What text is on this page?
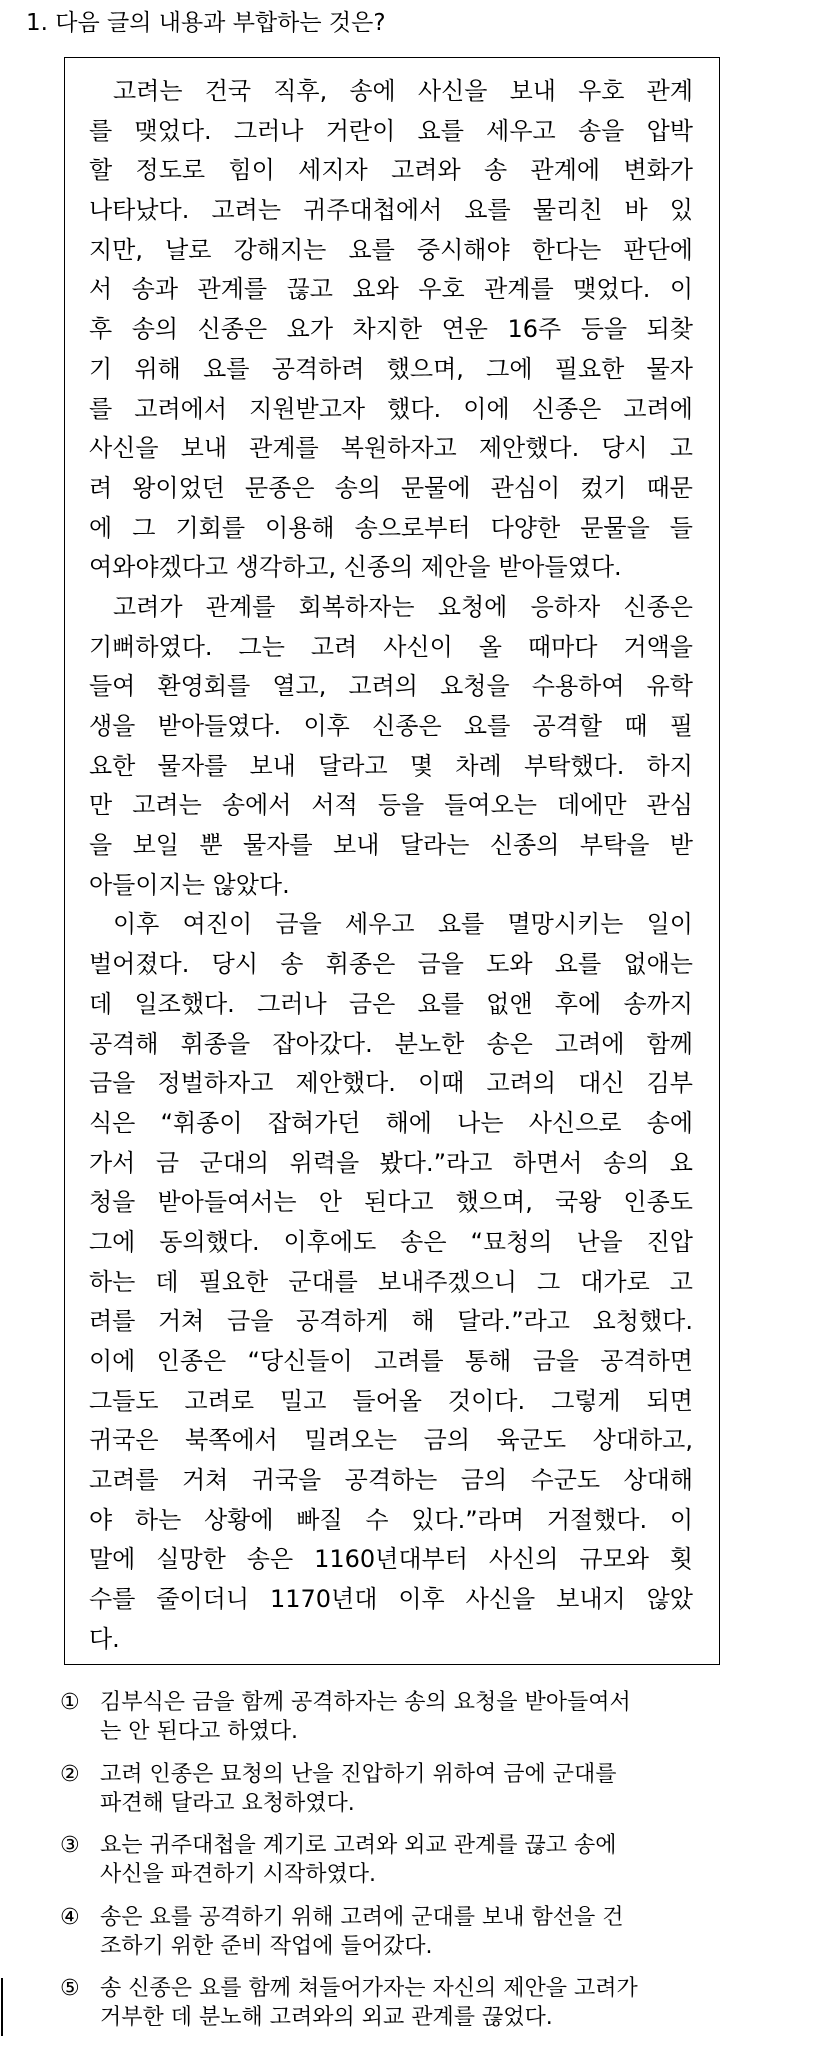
1. 다음 글의 내용과 부합하는 것은?
고려는 건국 직후, 송에 사신을 보내 우호 관계
를 맺었다. 그러나 거란이 요를 세우고 송을 압박
할 정도로 힘이 세지자 고려와 송 관계에 변화가
나타났다. 고려는 귀주대첩에서 요를 물리친 바 있
지만, 날로 강해지는 요를 중시해야 한다는 판단에
서 송과 관계를 끊고 요와 우호 관계를 맺었다. 이
후 송의 신종은 요가 차지한 연운 16주 등을 되찾
기 위해 요를 공격하려 했으며, 그에 필요한 물자
를 고려에서 지원받고자 했다. 이에 신종은 고려에
사신을 보내 관계를 복원하자고 제안했다. 당시 고
려 왕이었던 문종은 송의 문물에 관심이 컸기 때문
에 그 기회를 이용해 송으로부터 다양한 문물을 들
여와야겠다고 생각하고, 신종의 제안을 받아들였다.
고려가 관계를 회복하자는 요청에 응하자 신종은
기뻐하였다. 그는 고려 사신이 올 때마다 거액을
들여 환영회를 열고, 고려의 요청을 수용하여 유학
생을 받아들였다. 이후 신종은 요를 공격할 때 필
요한 물자를 보내 달라고 몇 차례 부탁했다. 하지
만 고려는 송에서 서적 등을 들여오는 데에만 관심
을 보일 뿐 물자를 보내 달라는 신종의 부탁을 받
아들이지는 않았다.
이후 여진이 금을 세우고 요를 멸망시키는 일이
벌어졌다. 당시 송 휘종은 금을 도와 요를 없애는
데 일조했다. 그러나 금은 요를 없앤 후에 송까지
공격해 휘종을 잡아갔다. 분노한 송은 고려에 함께
금을 정벌하자고 제안했다. 이때 고려의 대신 김부
식은 “휘종이 잡혀가던 해에 나는 사신으로 송에
가서 금 군대의 위력을 봤다.”라고 하면서 송의 요
청을 받아들여서는 안 된다고 했으며, 국왕 인종도
그에 동의했다. 이후에도 송은 “묘청의 난을 진압
하는 데 필요한 군대를 보내주겠으니 그 대가로 고
려를 거쳐 금을 공격하게 해 달라.”라고 요청했다.
이에 인종은 “당신들이 고려를 통해 금을 공격하면
그들도 고려로 밀고 들어올 것이다. 그렇게 되면
귀국은 북쪽에서 밀려오는 금의 육군도 상대하고,
고려를 거쳐 귀국을 공격하는 금의 수군도 상대해
야 하는 상황에 빠질 수 있다.”라며 거절했다. 이
말에 실망한 송은 1160년대부터 사신의 규모와 횟
수를 줄이더니 1170년대 이후 사신을 보내지 않았
다.
① 김부식은 금을 함께 공격하자는 송의 요청을 받아들여서
는 안 된다고 하였다.
② 고려 인종은 묘청의 난을 진압하기 위하여 금에 군대를
파견해 달라고 요청하였다.
③ 요는 귀주대첩을 계기로 고려와 외교 관계를 끊고 송에
사신을 파견하기 시작하였다.
④ 송은 요를 공격하기 위해 고려에 군대를 보내 함선을 건
조하기 위한 준비 작업에 들어갔다.
⑤ 송 신종은 요를 함께 쳐들어가자는 자신의 제안을 고려가
거부한 데 분노해 고려와의 외교 관계를 끊었다.
